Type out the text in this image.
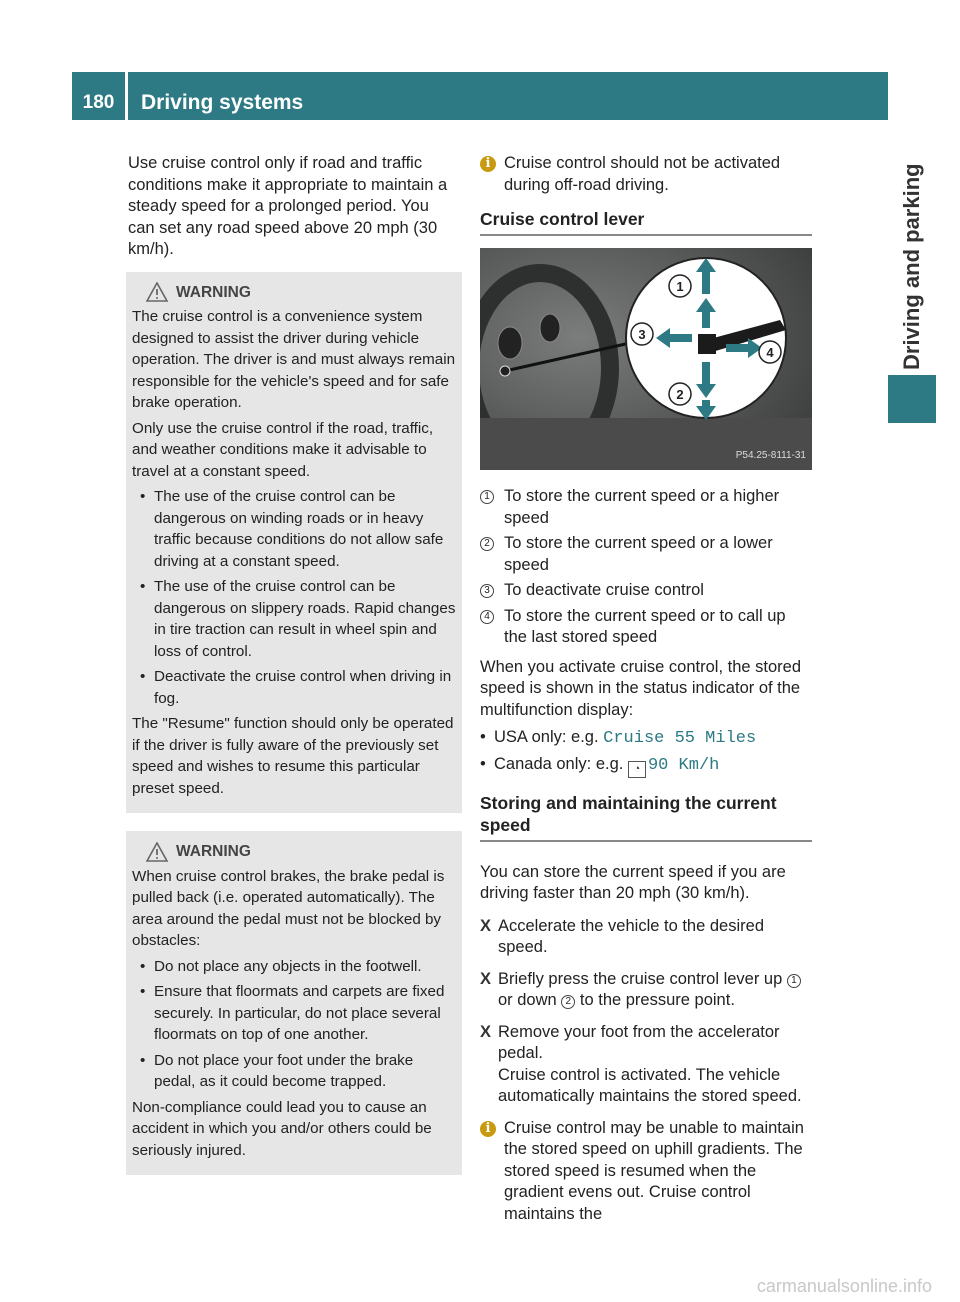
180	Driving systems
Driving and parking

Use cruise control only if road and traffic conditions make it appropriate to maintain a steady speed for a prolonged period. You can set any road speed above 20 mph (30 km/h).

WARNING

The cruise control is a convenience system designed to assist the driver during vehicle operation. The driver is and must always remain responsible for the vehicle's speed and for safe brake operation.

Only use the cruise control if the road, traffic, and weather conditions make it advisable to travel at a constant speed.

• The use of the cruise control can be dangerous on winding roads or in heavy traffic because conditions do not allow safe driving at a constant speed.
• The use of the cruise control can be dangerous on slippery roads. Rapid changes in tire traction can result in wheel spin and loss of control.
• Deactivate the cruise control when driving in fog.

The "Resume" function should only be operated if the driver is fully aware of the previously set speed and wishes to resume this particular preset speed.

WARNING

When cruise control brakes, the brake pedal is pulled back (i.e. operated automatically). The area around the pedal must not be blocked by obstacles:

• Do not place any objects in the footwell.
• Ensure that floormats and carpets are fixed securely. In particular, do not place several floormats on top of one another.
• Do not place your foot under the brake pedal, as it could become trapped.

Non-compliance could lead you to cause an accident in which you and/or others could be seriously injured.

i Cruise control should not be activated during off-road driving.
Cruise control lever
1
2
3
4
P54.25-8111-31
1 To store the current speed or a higher speed
2 To store the current speed or a lower speed
3 To deactivate cruise control
4 To store the current speed or to call up the last stored speed

When you activate cruise control, the stored speed is shown in the status indicator of the multifunction display:

• USA only: e.g. Cruise 55 Miles
• Canada only: e.g. ◔ 90 Km/h
Storing and maintaining the current speed

You can store the current speed if you are driving faster than 20 mph (30 km/h).

X Accelerate the vehicle to the desired speed.
X Briefly press the cruise control lever up 1 or down 2 to the pressure point.
X Remove your foot from the accelerator pedal.
Cruise control is activated. The vehicle automatically maintains the stored speed.
i Cruise control may be unable to maintain the stored speed on uphill gradients. The stored speed is resumed when the gradient evens out. Cruise control maintains the
carmanualsonline.info
